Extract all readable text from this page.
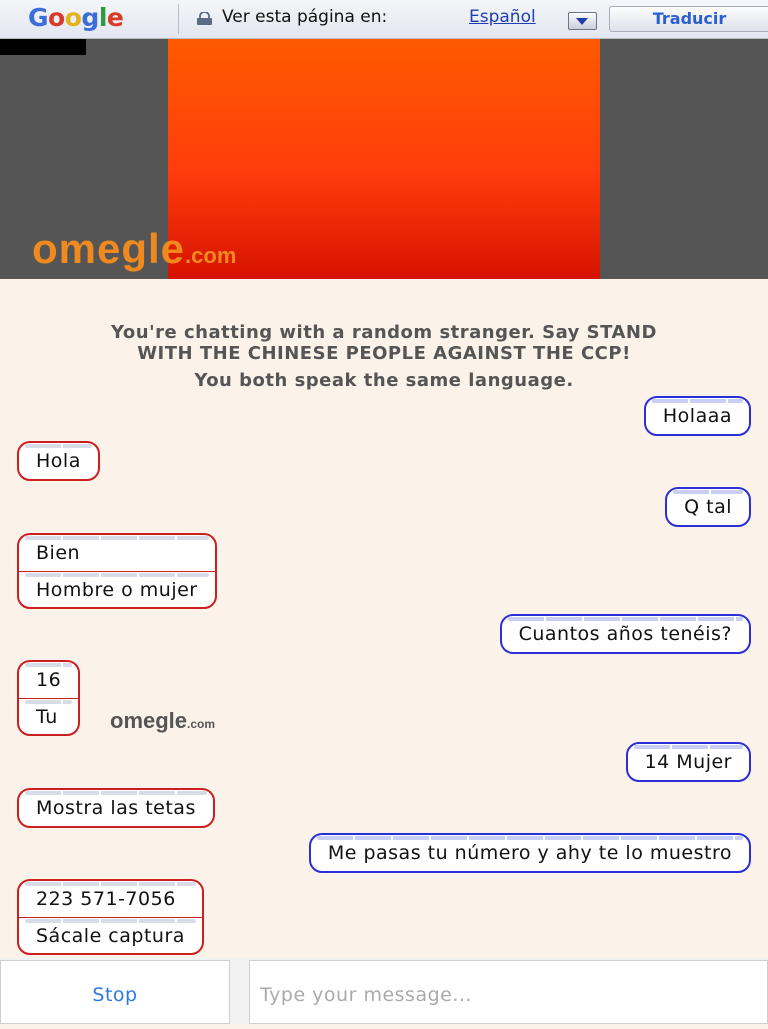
Google	Ver esta página en:	Español	Traducir
omegle.com

You're chatting with a random stranger. Say STAND

WITH THE CHINESE PEOPLE AGAINST THE CCP!

You both speak the same language.

Holaaa
Hola
Q tal
Bien
Hombre o mujer
Cuantos años tenéis?
16
Tu	omegle.com
14 Mujer
Mostra las tetas
Me pasas tu número y ahy te lo muestro
223 571-7056
Sácale captura
Stop	Type your message...
